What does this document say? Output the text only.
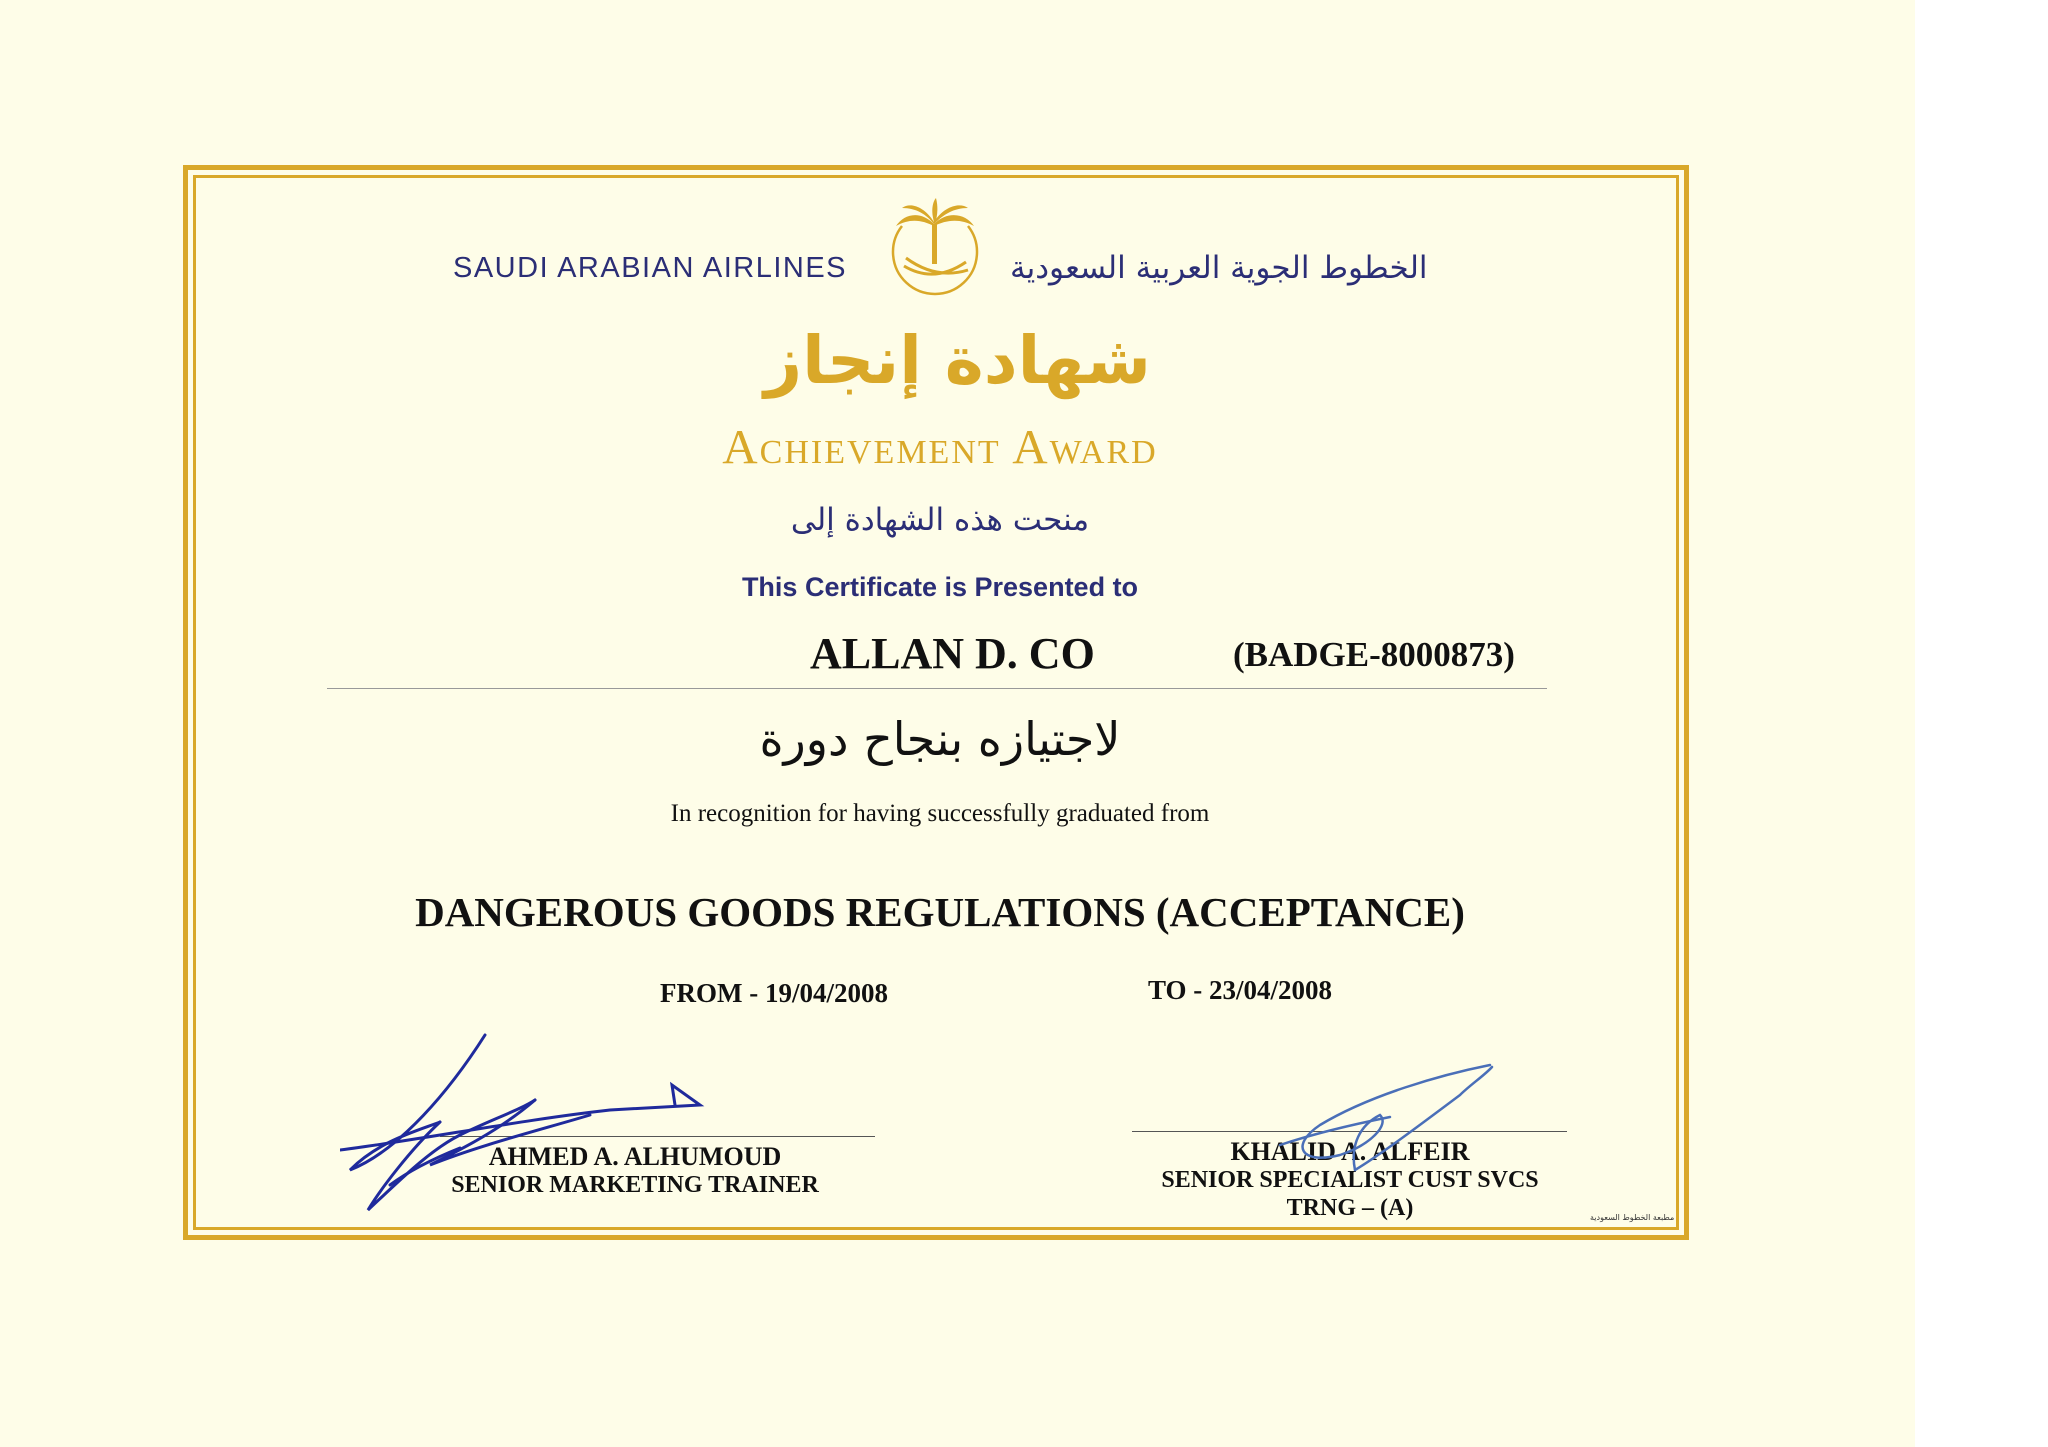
SAUDI ARABIAN AIRLINES	الخطوط الجوية العربية السعودية
شهادة إنجاز
Achievement Award
منحت هذه الشهادة إلى
This Certificate is Presented to
ALLAN D. CO	(BADGE-8000873)
لاجتيازه بنجاح دورة
In recognition for having successfully graduated from
DANGEROUS GOODS REGULATIONS (ACCEPTANCE)
FROM - 19/04/2008	TO - 23/04/2008
AHMED A. ALHUMOUD
SENIOR MARKETING TRAINER
KHALID A. ALFEIR
SENIOR SPECIALIST CUST SVCS
TRNG – (A)	مطبعة الخطوط السعودية
